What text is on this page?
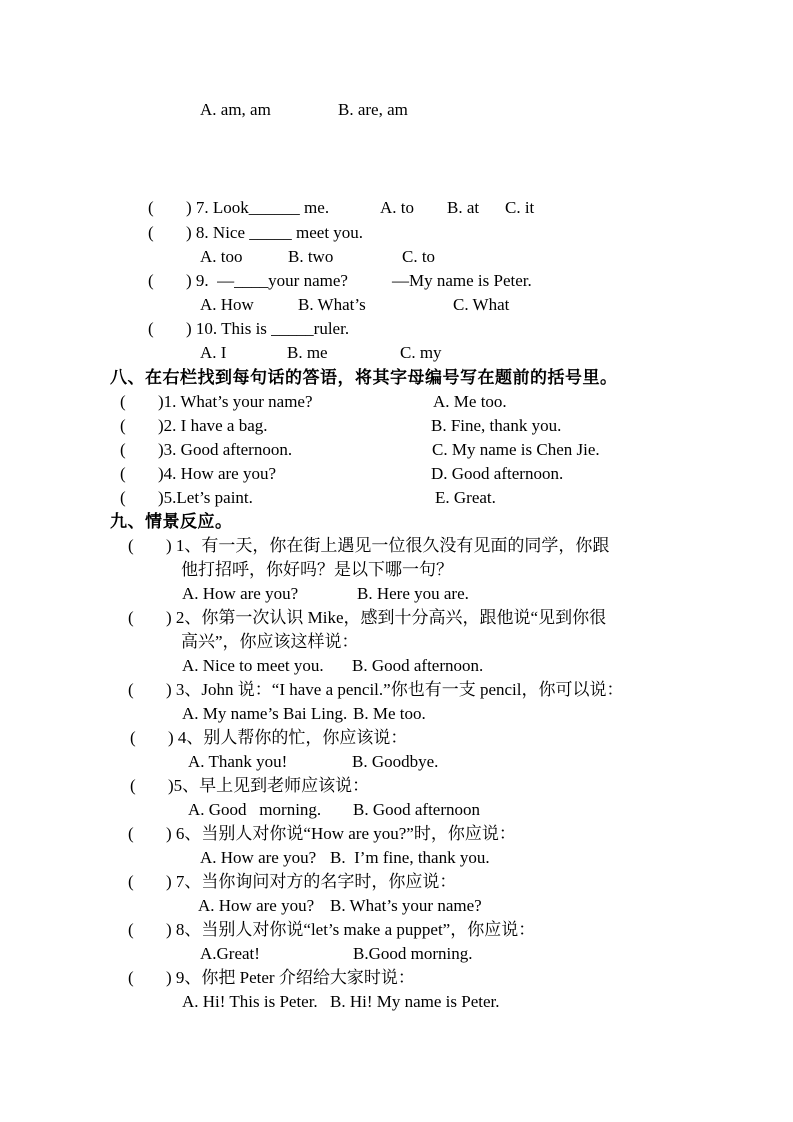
A. am, am	B. are, am
( ) 7. Look______ me.	A. to B. at C. it
( ) 8. Nice _____ meet you.
A. too	B. two	C. to
( ) 9.  —____your name?	—My name is Peter.
A. How	B. What’s	C. What
( ) 10. This is _____ruler.
A. I	B. me	C. my
八、在右栏找到每句话的答语，将其字母编号写在题前的括号里。
( )1. What’s your name?	A. Me too.
( )2. I have a bag.	B. Fine, thank you.
( )3. Good afternoon.	C. My name is Chen Jie.
( )4. How are you?	D. Good afternoon.
( )5.Let’s paint.	E. Great.
九、情景反应。
( ) 1、有一天，你在街上遇见一位很久没有见面的同学，你跟
他打招呼，你好吗？是以下哪一句？
A. How are you?	B. Here you are.
( ) 2、你第一次认识 Mike，感到十分高兴，跟他说“见到你很
高兴”，你应该这样说：
A. Nice to meet you. B. Good afternoon.
( ) 3、John 说：“I have a pencil.”你也有一支 pencil，你可以说：
A. My name’s Bai Ling. B. Me too.
( ) 4、别人帮你的忙，你应该说：
A. Thank you!	B. Goodbye.
( )5、早上见到老师应该说：
A. Good   morning. B. Good afternoon
( ) 6、当别人对你说“How are you?”时，你应说：
A. How are you? B.  I’m fine, thank you.
( ) 7、当你询问对方的名字时，你应说：
A. How are you? B. What’s your name?
( ) 8、当别人对你说“let’s make a puppet”，你应说：
A.Great!	B.Good morning.
( ) 9、你把 Peter 介绍给大家时说：
A. Hi! This is Peter. B. Hi! My name is Peter.
